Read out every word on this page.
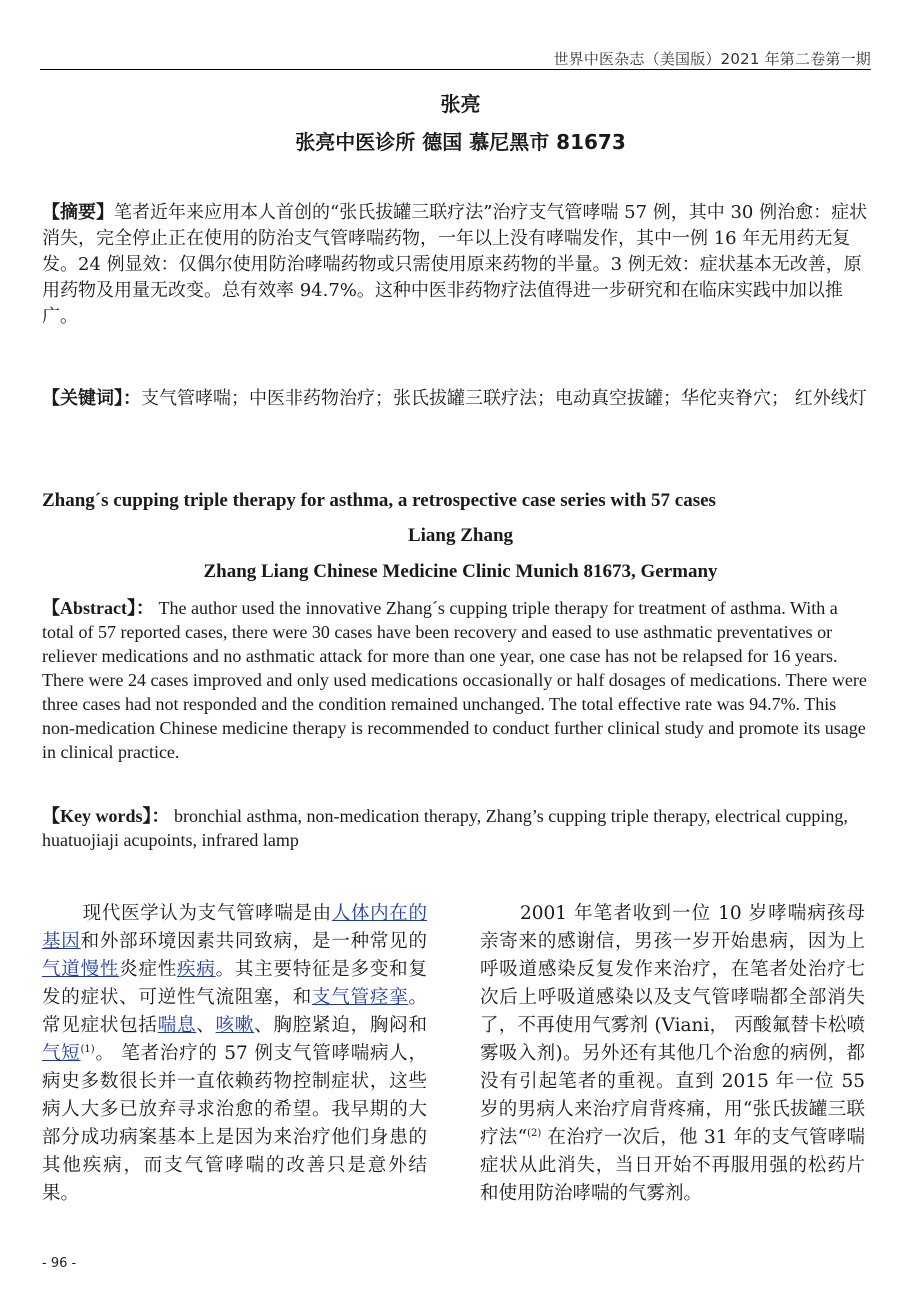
世界中医杂志（美国版）2021 年第二卷第一期
张亮
张亮中医诊所 德国 慕尼黑市 81673
【摘要】笔者近年来应用本人首创的“张氏拔罐三联疗法”治疗支气管哮喘 57 例，其中 30 例治愈：症状消失，完全停止正在使用的防治支气管哮喘药物，一年以上没有哮喘发作，其中一例 16 年无用药无复发。24 例显效：仅偶尔使用防治哮喘药物或只需使用原来药物的半量。3 例无效：症状基本无改善，原用药物及用量无改变。总有效率 94.7%。这种中医非药物疗法值得进一步研究和在临床实践中加以推广。
【关键词】：支气管哮喘；中医非药物治疗；张氏拔罐三联疗法；电动真空拔罐；华佗夹脊穴； 红外线灯
Zhang´s cupping triple therapy for asthma, a retrospective case series with 57 cases
Liang Zhang
Zhang Liang Chinese Medicine Clinic Munich 81673, Germany
【Abstract】： The author used the innovative Zhang´s cupping triple therapy for treatment of asthma. With a total of 57 reported cases, there were 30 cases have been recovery and eased to use asthmatic preventatives or reliever medications and no asthmatic attack for more than one year, one case has not be relapsed for 16 years. There were 24 cases improved and only used medications occasionally or half dosages of medications. There were three cases had not responded and the condition remained unchanged. The total effective rate was 94.7%. This non-medication Chinese medicine therapy is recommended to conduct further clinical study and promote its usage in clinical practice.
【Key words】： bronchial asthma, non-medication therapy, Zhang’s cupping triple therapy, electrical cupping, huatuojiaji acupoints, infrared lamp
现代医学认为支气管哮喘是由人体内在的基因和外部环境因素共同致病，是一种常见的气道慢性炎症性疾病。其主要特征是多变和复发的症状、可逆性气流阻塞，和支气管痉挛。常见症状包括喘息、咳嗽、胸腔紧迫，胸闷和气短$^{(1)}$。 笔者治疗的 57 例支气管哮喘病人，病史多数很长并一直依赖药物控制症状，这些病人大多已放弃寻求治愈的希望。我早期的大部分成功病案基本上是因为来治疗他们身患的其他疾病，而支气管哮喘的改善只是意外结果。
2001 年笔者收到一位 10 岁哮喘病孩母亲寄来的感谢信，男孩一岁开始患病，因为上呼吸道感染反复发作来治疗，在笔者处治疗七次后上呼吸道感染以及支气管哮喘都全部消失了，不再使用气雾剂 (Viani， 丙酸氟替卡松喷雾吸入剂)。另外还有其他几个治愈的病例，都没有引起笔者的重视。直到 2015 年一位 55 岁的男病人来治疗肩背疼痛，用“张氏拔罐三联疗法“$^{(2)}$ 在治疗一次后，他 31 年的支气管哮喘症状从此消失，当日开始不再服用强的松药片和使用防治哮喘的气雾剂。
- 96 -
